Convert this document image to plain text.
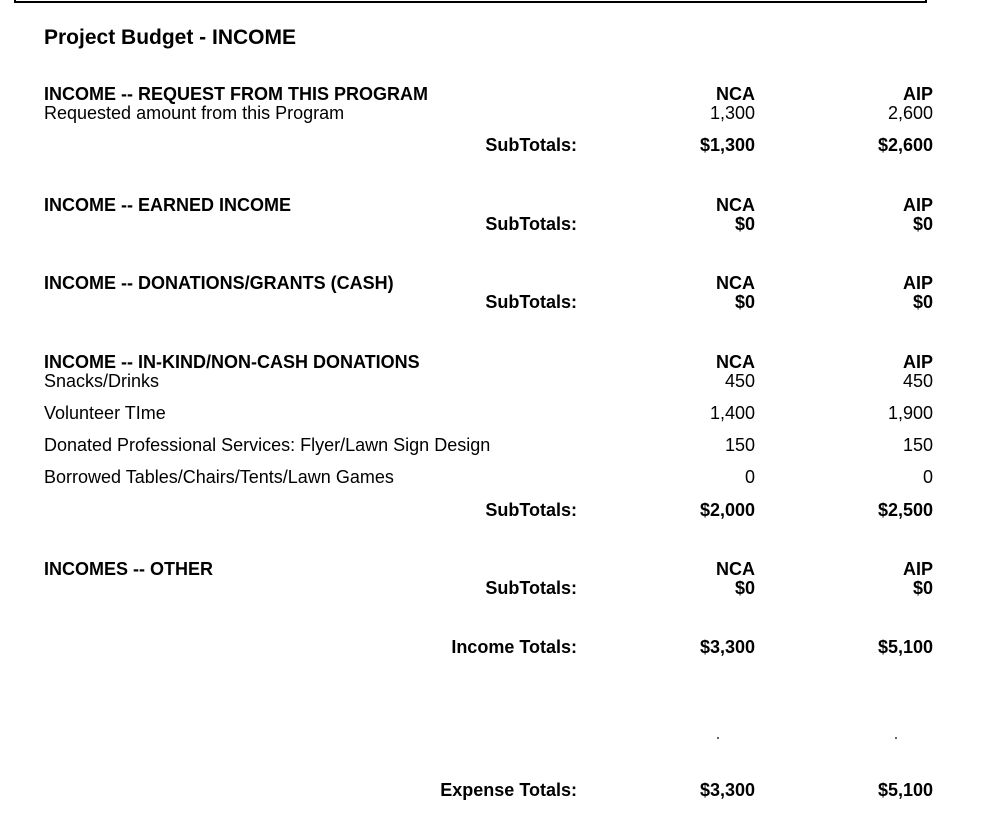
Project Budget - INCOME
INCOME -- REQUEST FROM THIS PROGRAM	NCA	AIP
Requested amount from this Program	1,300	2,600
SubTotals:	$1,300	$2,600
INCOME -- EARNED INCOME	NCA	AIP
SubTotals:	$0	$0
INCOME -- DONATIONS/GRANTS (CASH)	NCA	AIP
SubTotals:	$0	$0
INCOME -- IN-KIND/NON-CASH DONATIONS	NCA	AIP
Snacks/Drinks	450	450
Volunteer TIme	1,400	1,900
Donated Professional Services: Flyer/Lawn Sign Design	150	150
Borrowed Tables/Chairs/Tents/Lawn Games	0	0
SubTotals:	$2,000	$2,500
INCOMES -- OTHER	NCA	AIP
SubTotals:	$0	$0
Income Totals:	$3,300	$5,100
Expense Totals:	$3,300	$5,100
